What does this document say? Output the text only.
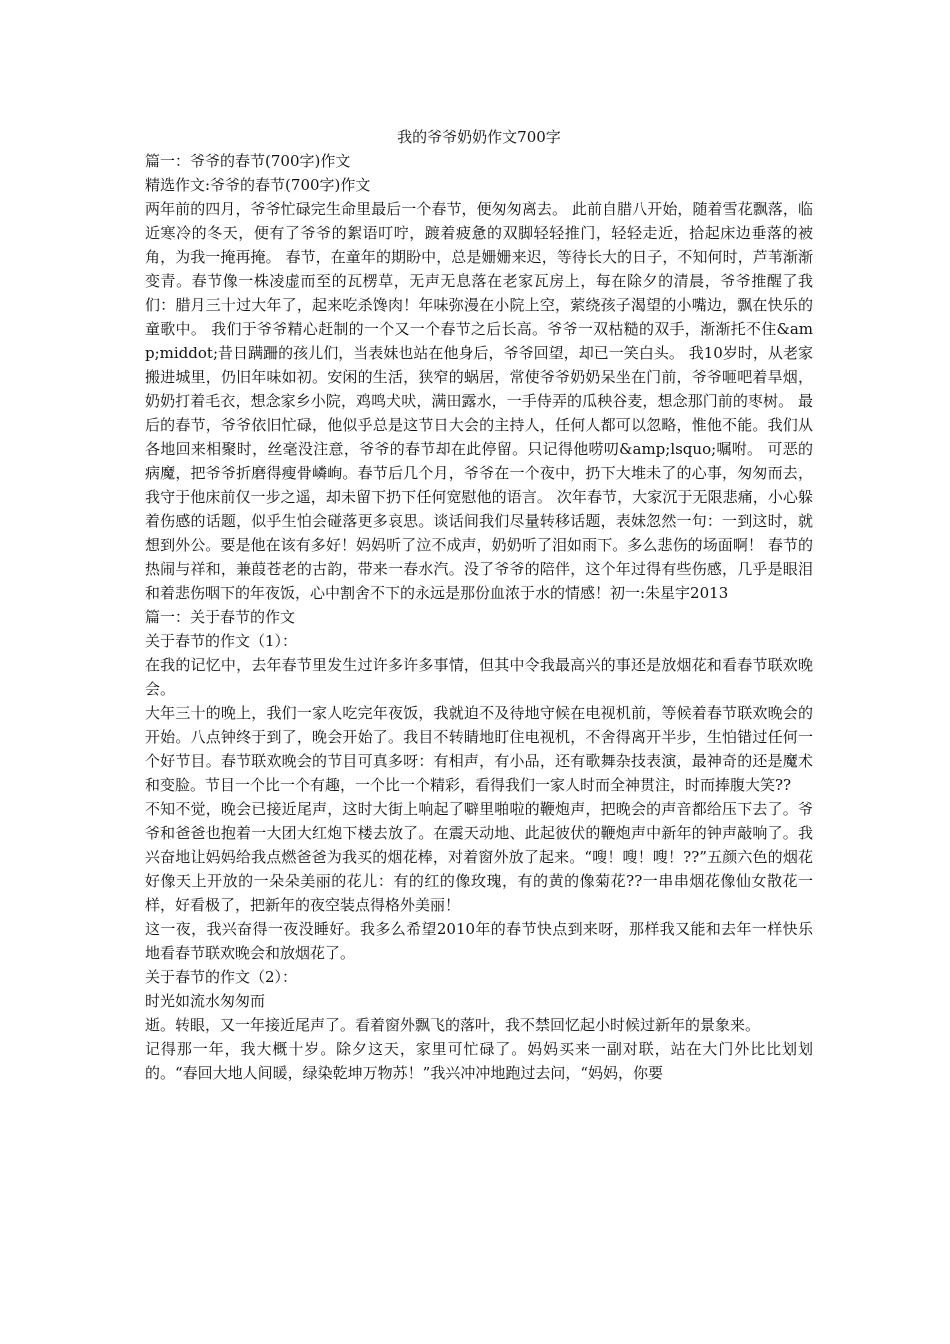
我的爷爷奶奶作文700字

篇一：爷爷的春节(700字)作文

精选作文:爷爷的春节(700字)作文

两年前的四月，爷爷忙碌完生命里最后一个春节，便匆匆离去。 此前自腊八开始，随着雪花飘落，临近寒冷的冬天，便有了爷爷的絮语叮咛，踱着疲惫的双脚轻轻推门，轻轻走近，拾起床边垂落的被角，为我一掩再掩。 春节，在童年的期盼中，总是姗姗来迟，等待长大的日子，不知何时，芦苇渐渐变青。春节像一株凌虚而至的瓦楞草，无声无息落在老家瓦房上，每在除夕的清晨，爷爷推醒了我们：腊月三十过大年了，起来吃杀馋肉！年味弥漫在小院上空，萦绕孩子渴望的小嘴边，飘在快乐的童歌中。 我们于爷爷精心赶制的一个又一个春节之后长高。爷爷一双枯糙的双手，渐渐托不住&amp;middot;昔日蹒跚的孩儿们，当表妹也站在他身后，爷爷回望，却已一笑白头。 我10岁时，从老家搬进城里，仍旧年味如初。安闲的生活，狭窄的蜗居，常使爷爷奶奶呆坐在门前，爷爷咂吧着旱烟，奶奶打着毛衣，想念家乡小院，鸡鸣犬吠，满田露水，一手侍弄的瓜秧谷麦，想念那门前的枣树。 最后的春节，爷爷依旧忙碌，他似乎总是这节日大会的主持人，任何人都可以忽略，惟他不能。我们从各地回来相聚时，丝毫没注意，爷爷的春节却在此停留。只记得他唠叨&amp;lsquo;嘱咐。 可恶的病魔，把爷爷折磨得瘦骨嶙峋。春节后几个月，爷爷在一个夜中，扔下大堆未了的心事，匆匆而去，我守于他床前仅一步之遥，却未留下扔下任何宽慰他的语言。 次年春节，大家沉于无限悲痛，小心躲着伤感的话题，似乎生怕会碰落更多哀思。谈话间我们尽量转移话题，表妹忽然一句：一到这时，就想到外公。要是他在该有多好！妈妈听了泣不成声，奶奶听了泪如雨下。多么悲伤的场面啊！ 春节的热闹与祥和，兼葭苍老的古韵，带来一春水汽。没了爷爷的陪伴，这个年过得有些伤感，几乎是眼泪和着悲伤咽下的年夜饭，心中割舍不下的永远是那份血浓于水的情感！初一:朱星宇2013

篇一：关于春节的作文

关于春节的作文（1）：

在我的记忆中，去年春节里发生过许多许多事情，但其中令我最高兴的事还是放烟花和看春节联欢晚会。

大年三十的晚上，我们一家人吃完年夜饭，我就迫不及待地守候在电视机前，等候着春节联欢晚会的开始。八点钟终于到了，晚会开始了。我目不转睛地盯住电视机，不舍得离开半步，生怕错过任何一个好节目。春节联欢晚会的节目可真多呀：有相声，有小品，还有歌舞杂技表演，最神奇的还是魔术和变脸。节目一个比一个有趣，一个比一个精彩，看得我们一家人时而全神贯注，时而捧腹大笑??

不知不觉，晚会已接近尾声，这时大街上响起了噼里啪啦的鞭炮声，把晚会的声音都给压下去了。爷爷和爸爸也抱着一大团大红炮下楼去放了。在震天动地、此起彼伏的鞭炮声中新年的钟声敲响了。我兴奋地让妈妈给我点燃爸爸为我买的烟花棒，对着窗外放了起来。“嗖！嗖！嗖！??”五颜六色的烟花好像天上开放的一朵朵美丽的花儿：有的红的像玫瑰，有的黄的像菊花??一串串烟花像仙女散花一样，好看极了，把新年的夜空装点得格外美丽！

这一夜，我兴奋得一夜没睡好。我多么希望2010年的春节快点到来呀，那样我又能和去年一样快乐地看春节联欢晚会和放烟花了。

关于春节的作文（2）：

时光如流水匆匆而

逝。转眼，又一年接近尾声了。看着窗外飘飞的落叶，我不禁回忆起小时候过新年的景象来。

记得那一年，我大概十岁。除夕这天，家里可忙碌了。妈妈买来一副对联，站在大门外比比划划的。“春回大地人间暖，绿染乾坤万物苏！”我兴冲冲地跑过去问，“妈妈，你要
